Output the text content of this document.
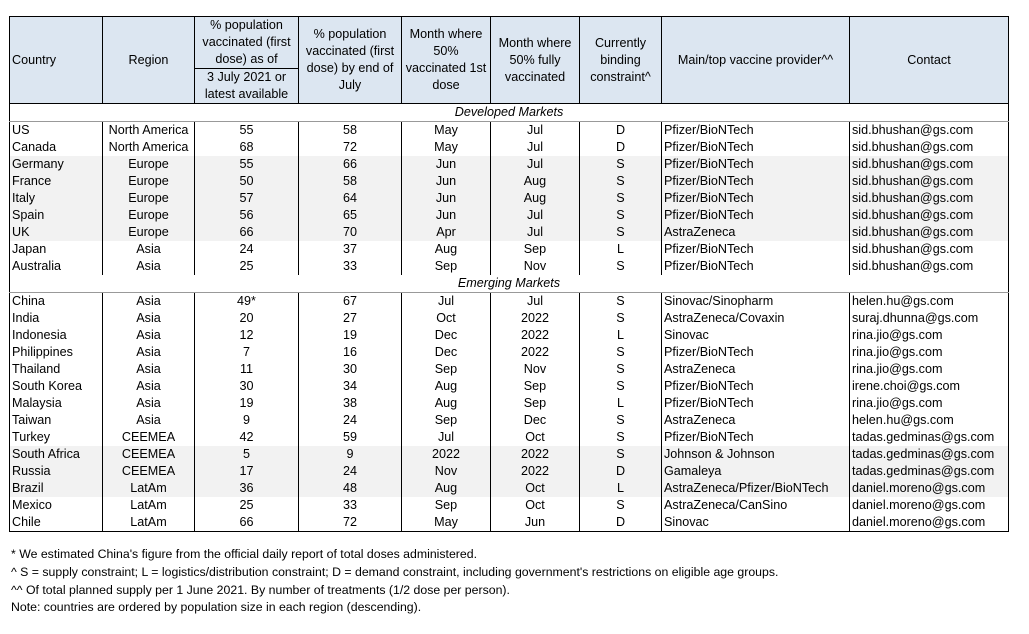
Country	Region	% population vaccinated (first dose) as of
3 July 2021 or latest available	% population vaccinated (first dose) by end of July	Month where 50% vaccinated 1st dose	Month where 50% fully vaccinated	Currently binding constraint^	Main/top vaccine provider^^	Contact
Developed Markets								
US	North America	55	58	May	Jul	D	Pfizer/BioNTech	sid.bhushan@gs.com
Canada	North America	68	72	May	Jul	D	Pfizer/BioNTech	sid.bhushan@gs.com
Germany	Europe	55	66	Jun	Jul	S	Pfizer/BioNTech	sid.bhushan@gs.com
France	Europe	50	58	Jun	Aug	S	Pfizer/BioNTech	sid.bhushan@gs.com
Italy	Europe	57	64	Jun	Aug	S	Pfizer/BioNTech	sid.bhushan@gs.com
Spain	Europe	56	65	Jun	Jul	S	Pfizer/BioNTech	sid.bhushan@gs.com
UK	Europe	66	70	Apr	Jul	S	AstraZeneca	sid.bhushan@gs.com
Japan	Asia	24	37	Aug	Sep	L	Pfizer/BioNTech	sid.bhushan@gs.com
Australia	Asia	25	33	Sep	Nov	S	Pfizer/BioNTech	sid.bhushan@gs.com
Emerging Markets								
China	Asia	49*	67	Jul	Jul	S	Sinovac/Sinopharm	helen.hu@gs.com
India	Asia	20	27	Oct	2022	S	AstraZeneca/Covaxin	suraj.dhunna@gs.com
Indonesia	Asia	12	19	Dec	2022	L	Sinovac	rina.jio@gs.com
Philippines	Asia	7	16	Dec	2022	S	Pfizer/BioNTech	rina.jio@gs.com
Thailand	Asia	11	30	Sep	Nov	S	AstraZeneca	rina.jio@gs.com
South Korea	Asia	30	34	Aug	Sep	S	Pfizer/BioNTech	irene.choi@gs.com
Malaysia	Asia	19	38	Aug	Sep	L	Pfizer/BioNTech	rina.jio@gs.com
Taiwan	Asia	9	24	Sep	Dec	S	AstraZeneca	helen.hu@gs.com
Turkey	CEEMEA	42	59	Jul	Oct	S	Pfizer/BioNTech	tadas.gedminas@gs.com
South Africa	CEEMEA	5	9	2022	2022	S	Johnson & Johnson	tadas.gedminas@gs.com
Russia	CEEMEA	17	24	Nov	2022	D	Gamaleya	tadas.gedminas@gs.com
Brazil	LatAm	36	48	Aug	Oct	L	AstraZeneca/Pfizer/BioNTech	daniel.moreno@gs.com
Mexico	LatAm	25	33	Sep	Oct	S	AstraZeneca/CanSino	daniel.moreno@gs.com
Chile	LatAm	66	72	May	Jun	D	Sinovac	daniel.moreno@gs.com
* We estimated China's figure from the official daily report of total doses administered.
^ S = supply constraint; L = logistics/distribution constraint; D = demand constraint, including government's restrictions on eligible age groups.
^^ Of total planned supply per 1 June 2021. By number of treatments (1/2 dose per person).
Note: countries are ordered by population size in each region (descending).
